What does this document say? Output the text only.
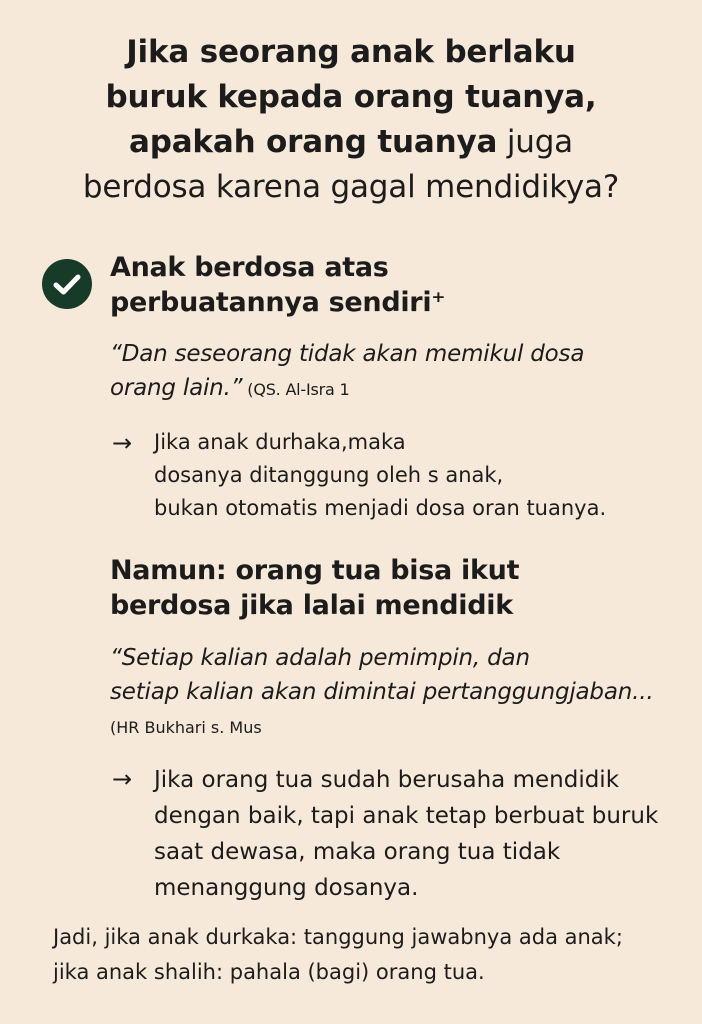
Jika seorang anak berlaku
buruk kepada orang tuanya,
apakah orang tuanya juga
berdosa karena gagal mendidikya?
Anak berdosa atas
perbuatannya sendiri⁺
“Dan seseorang tidak akan memikul dosa
orang lain.” (QS. Al-Isra 1
→	Jika anak durhaka,maka
dosanya ditanggung oleh s anak,
bukan otomatis menjadi dosa oran tuanya.
Namun: orang tua bisa ikut
berdosa jika lalai mendidik
“Setiap kalian adalah pemimpin, dan
setiap kalian akan dimintai pertanggungjaban...
(HR Bukhari s. Mus
→ Jika orang tua sudah berusaha mendidik
dengan baik, tapi anak tetap berbuat buruk
saat dewasa, maka orang tua tidak
menanggung dosanya.
Jadi, jika anak durkaka: tanggung jawabnya ada anak;
jika anak shalih: pahala (bagi) orang tua.
